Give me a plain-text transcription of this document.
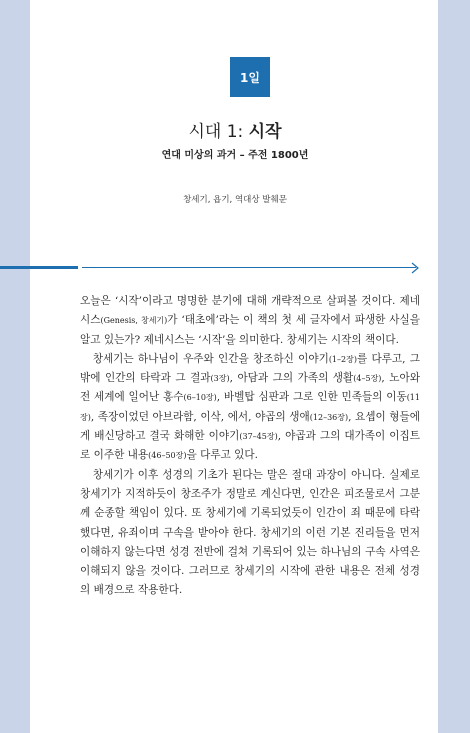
1일
시대 1: 시작
연대 미상의 과거 – 주전 1800년
창세기, 욥기, 역대상 발췌문

오늘은 ‘시작’이라고 명명한 분기에 대해 개략적으로 살펴볼 것이다. 제네시스(Genesis, 창세기)가 ‘태초에’라는 이 책의 첫 세 글자에서 파생한 사실을 알고 있는가? 제네시스는 ‘시작’을 의미한다. 창세기는 시작의 책이다.

창세기는 하나님이 우주와 인간을 창조하신 이야기(1–2장)를 다루고, 그 밖에 인간의 타락과 그 결과(3장), 아담과 그의 가족의 생활(4–5장), 노아와 전 세계에 일어난 홍수(6–10장), 바벨탑 심판과 그로 인한 민족들의 이동(11장), 족장이었던 아브라함, 이삭, 에서, 야곱의 생애(12–36장), 요셉이 형들에게 배신당하고 결국 화해한 이야기(37–45장), 야곱과 그의 대가족이 이집트로 이주한 내용(46–50장)을 다루고 있다.

창세기가 이후 성경의 기초가 된다는 말은 절대 과장이 아니다. 실제로 창세기가 지적하듯이 창조주가 정말로 계신다면, 인간은 피조물로서 그분께 순종할 책임이 있다. 또 창세기에 기록되었듯이 인간이 죄 때문에 타락했다면, 유죄이며 구속을 받아야 한다. 창세기의 이런 기본 진리들을 먼저 이해하지 않는다면 성경 전반에 걸쳐 기록되어 있는 하나님의 구속 사역은 이해되지 않을 것이다. 그러므로 창세기의 시작에 관한 내용은 전체 성경의 배경으로 작용한다.
